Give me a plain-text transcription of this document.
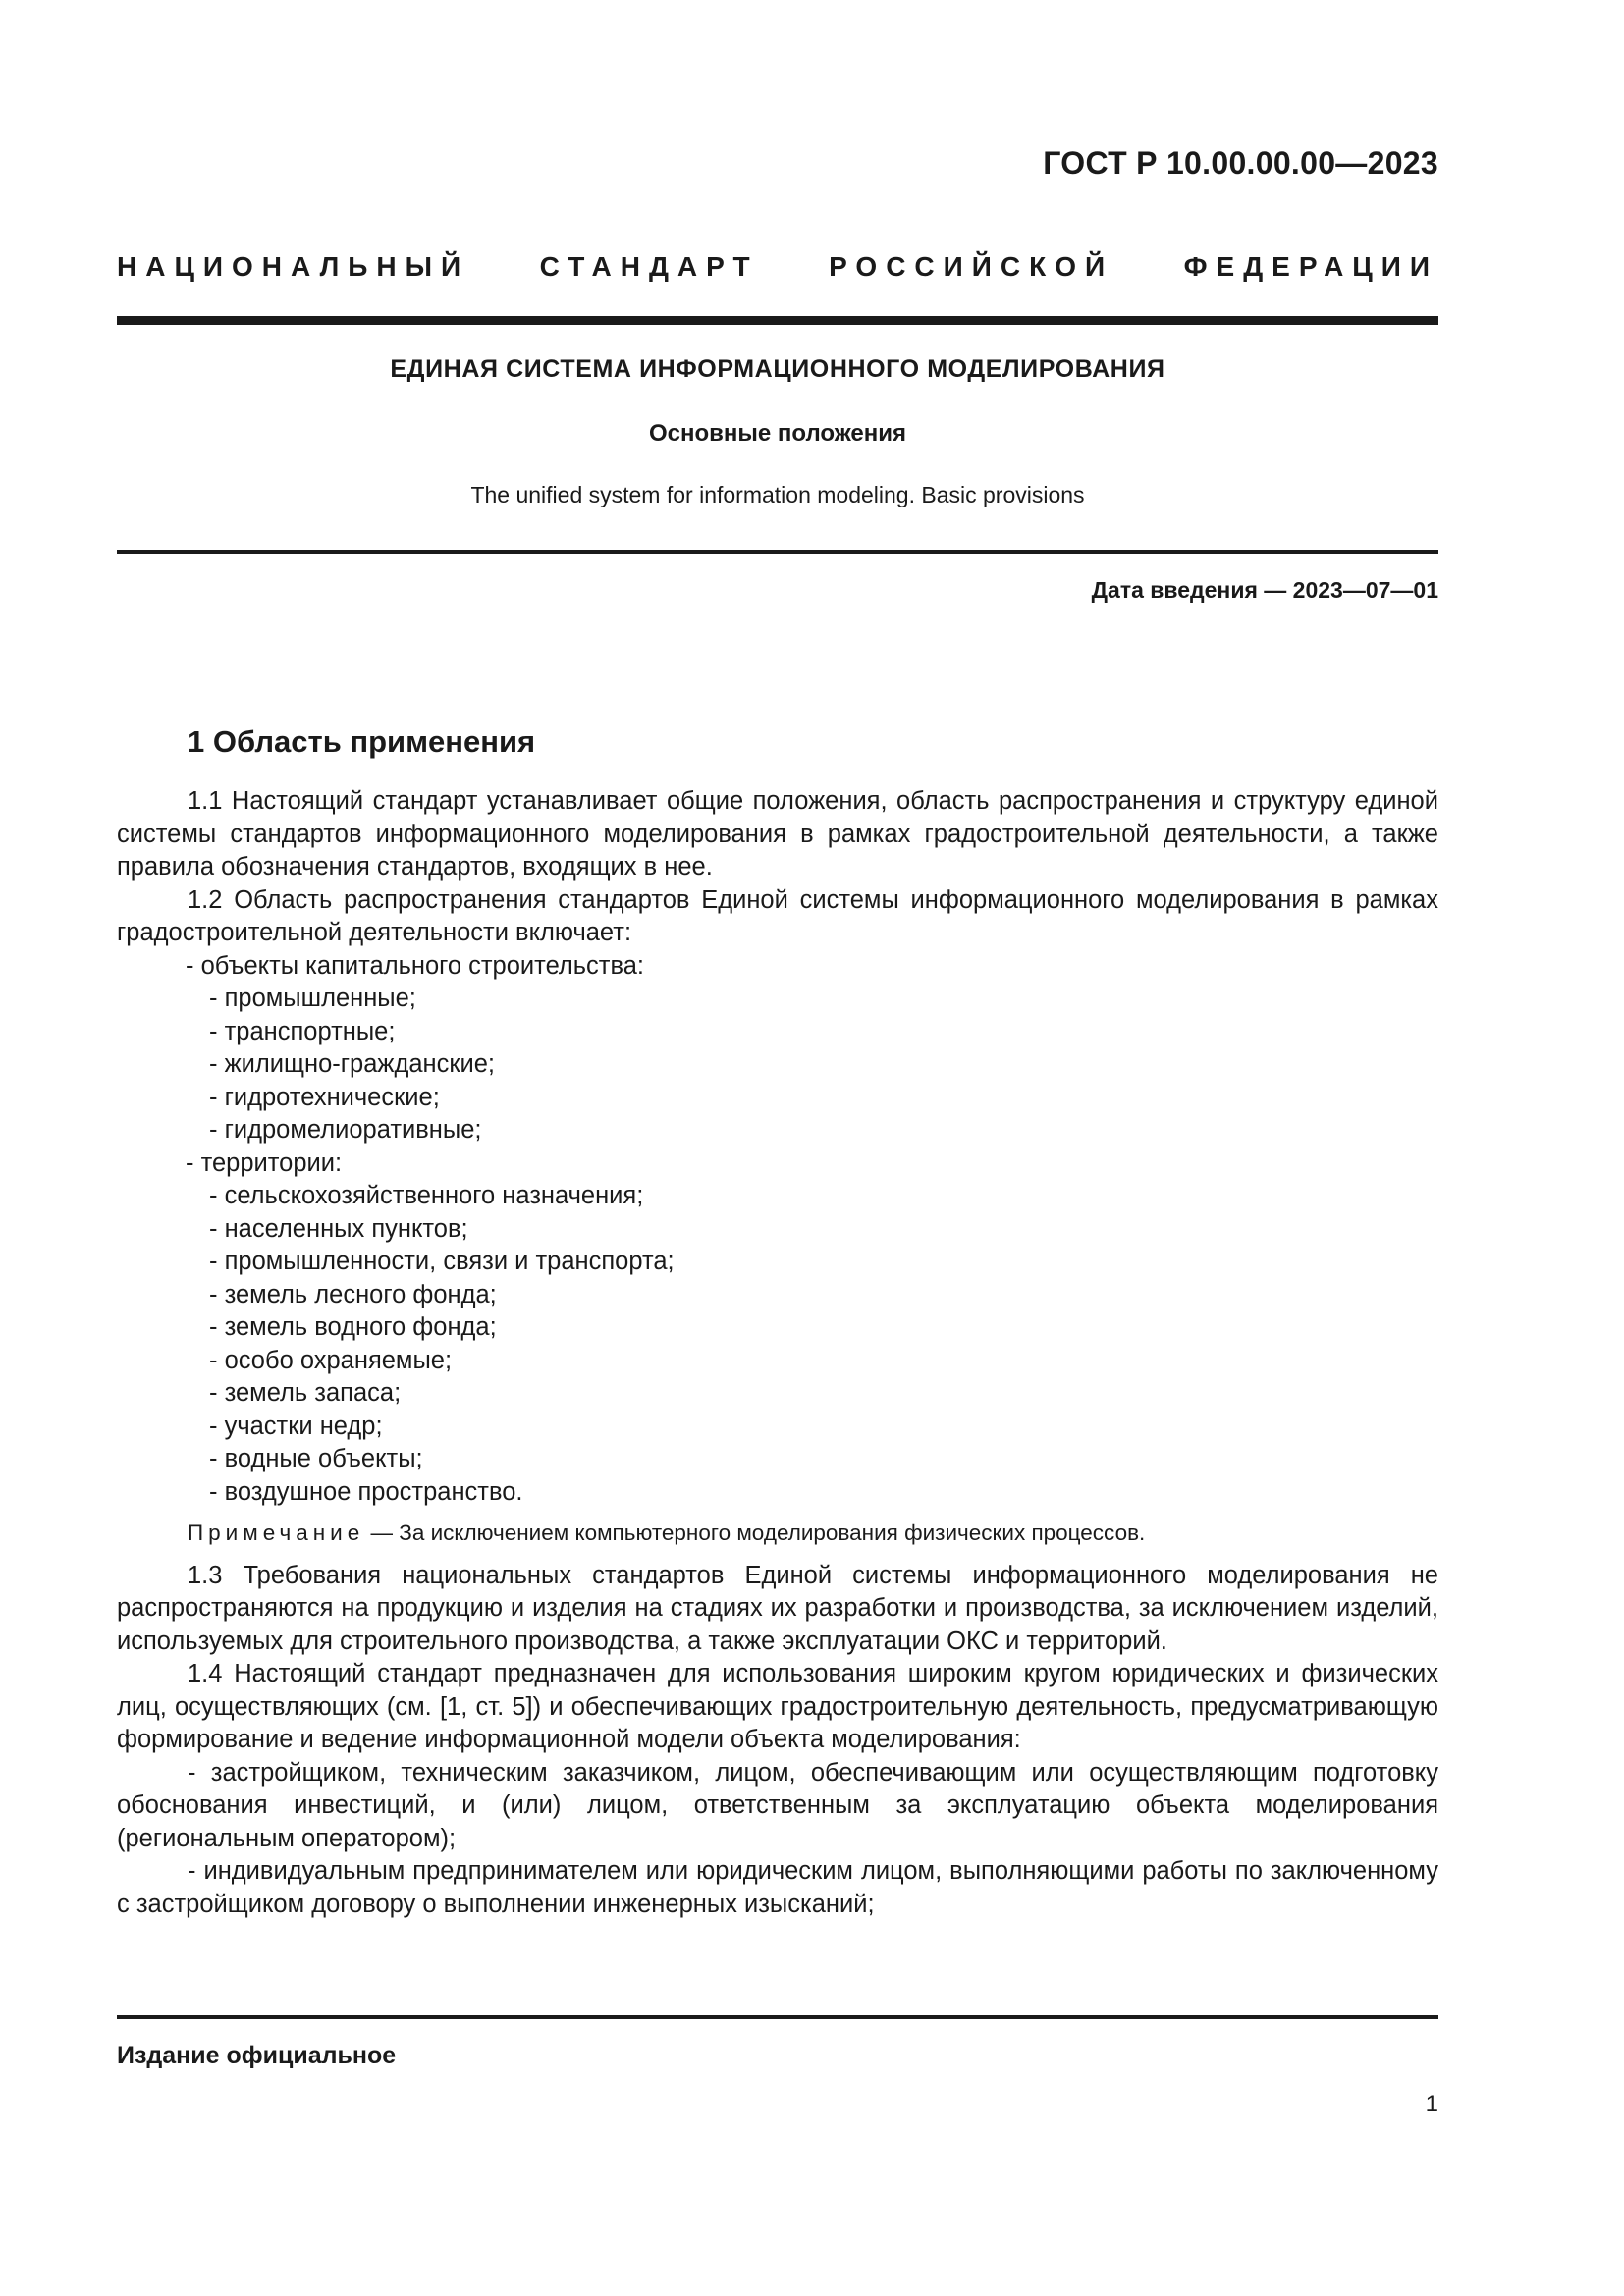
ГОСТ Р 10.00.00.00—2023
НАЦИОНАЛЬНЫЙ СТАНДАРТ РОССИЙСКОЙ ФЕДЕРАЦИИ
ЕДИНАЯ СИСТЕМА ИНФОРМАЦИОННОГО МОДЕЛИРОВАНИЯ
Основные положения
The unified system for information modeling. Basic provisions
Дата введения — 2023—07—01
1 Область применения

1.1 Настоящий стандарт устанавливает общие положения, область распространения и структуру единой системы стандартов информационного моделирования в рамках градостроительной деятельности, а также правила обозначения стандартов, входящих в нее.

1.2 Область распространения стандартов Единой системы информационного моделирования в рамках градостроительной деятельности включает:

- объекты капитального строительства:
- промышленные;
- транспортные;
- жилищно-гражданские;
- гидротехнические;
- гидромелиоративные;
- территории:
- сельскохозяйственного назначения;
- населенных пунктов;
- промышленности, связи и транспорта;
- земель лесного фонда;
- земель водного фонда;
- особо охраняемые;
- земель запаса;
- участки недр;
- водные объекты;
- воздушное пространство.
Примечание — За исключением компьютерного моделирования физических процессов.

1.3 Требования национальных стандартов Единой системы информационного моделирования не распространяются на продукцию и изделия на стадиях их разработки и производства, за исключением изделий, используемых для строительного производства, а также эксплуатации ОКС и территорий.

1.4 Настоящий стандарт предназначен для использования широким кругом юридических и физических лиц, осуществляющих (см. [1, ст. 5]) и обеспечивающих градостроительную деятельность, предусматривающую формирование и ведение информационной модели объекта моделирования:

- застройщиком, техническим заказчиком, лицом, обеспечивающим или осуществляющим подготовку обоснования инвестиций, и (или) лицом, ответственным за эксплуатацию объекта моделирования (региональным оператором);

- индивидуальным предпринимателем или юридическим лицом, выполняющими работы по заключенному с застройщиком договору о выполнении инженерных изысканий;

Издание официальное
1
